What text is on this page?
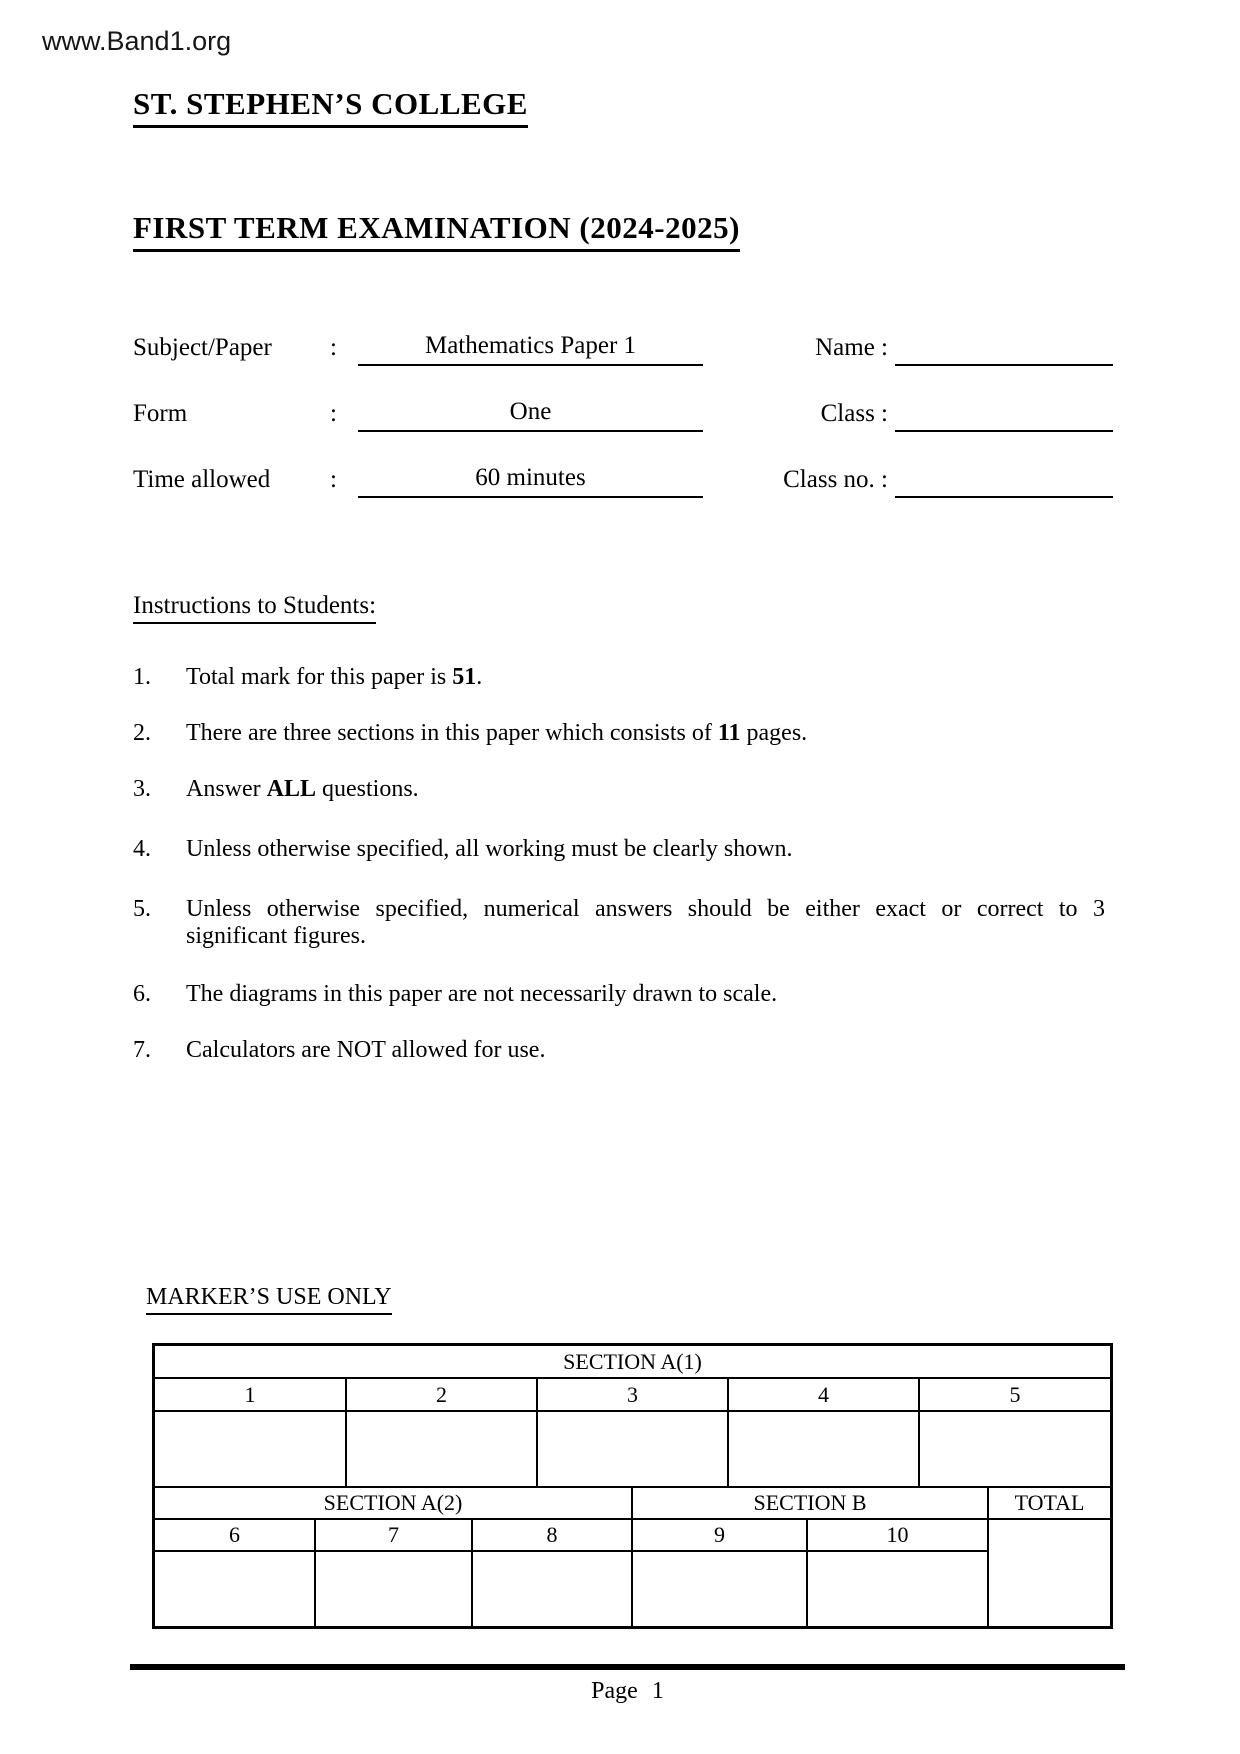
www.Band1.org
ST. STEPHEN’S COLLEGE
FIRST TERM EXAMINATION (2024-2025)
Subject/Paper :	Mathematics Paper 1	Name :
Form	:	One	Class :
Time allowed :	60 minutes	Class no. :
Instructions to Students:
1. Total mark for this paper is 51.
2. There are three sections in this paper which consists of 11 pages.
3. Answer ALL questions.
4. Unless otherwise specified, all working must be clearly shown.
5. Unless otherwise specified, numerical answers should be either exact or correct to 3
significant figures.
6. The diagrams in this paper are not necessarily drawn to scale.
7. Calculators are NOT allowed for use.
MARKER’S USE ONLY
SECTION A(1)				
1	2	3	4	5

SECTION A(2)			SECTION B		TOTAL
6	7	8	9	10	

Page 1
